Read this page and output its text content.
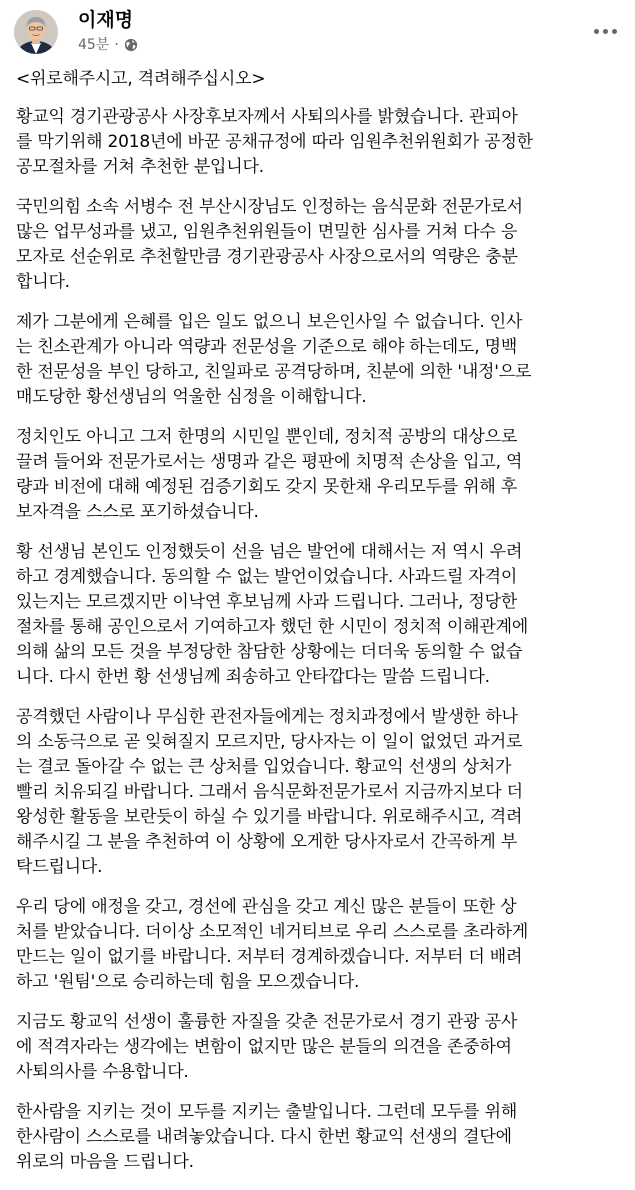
이재명
45분 ·

<위로해주시고, 격려해주십시오>

황교익 경기관광공사 사장후보자께서 사퇴의사를 밝혔습니다. 관피아
를 막기위해 2018년에 바꾼 공채규정에 따라 임원추천위원회가 공정한
공모절차를 거쳐 추천한 분입니다.

국민의힘 소속 서병수 전 부산시장님도 인정하는 음식문화 전문가로서
많은 업무성과를 냈고, 임원추천위원들이 면밀한 심사를 거쳐 다수 응
모자로 선순위로 추천할만큼 경기관광공사 사장으로서의 역량은 충분
합니다.

제가 그분에게 은혜를 입은 일도 없으니 보은인사일 수 없습니다. 인사
는 친소관계가 아니라 역량과 전문성을 기준으로 해야 하는데도, 명백
한 전문성을 부인 당하고, 친일파로 공격당하며, 친분에 의한 '내정'으로
매도당한 황선생님의 억울한 심정을 이해합니다.

정치인도 아니고 그저 한명의 시민일 뿐인데, 정치적 공방의 대상으로
끌려 들어와 전문가로서는 생명과 같은 평판에 치명적 손상을 입고, 역
량과 비전에 대해 예정된 검증기회도 갖지 못한채 우리모두를 위해 후
보자격을 스스로 포기하셨습니다.

황 선생님 본인도 인정했듯이 선을 넘은 발언에 대해서는 저 역시 우려
하고 경계했습니다. 동의할 수 없는 발언이었습니다. 사과드릴 자격이
있는지는 모르겠지만 이낙연 후보님께 사과 드립니다. 그러나, 정당한
절차를 통해 공인으로서 기여하고자 했던 한 시민이 정치적 이해관계에
의해 삶의 모든 것을 부정당한 참담한 상황에는 더더욱 동의할 수 없습
니다. 다시 한번 황 선생님께 죄송하고 안타깝다는 말씀 드립니다.

공격했던 사람이나 무심한 관전자들에게는 정치과정에서 발생한 하나
의 소동극으로 곧 잊혀질지 모르지만, 당사자는 이 일이 없었던 과거로
는 결코 돌아갈 수 없는 큰 상처를 입었습니다. 황교익 선생의 상처가
빨리 치유되길 바랍니다. 그래서 음식문화전문가로서 지금까지보다 더
왕성한 활동을 보란듯이 하실 수 있기를 바랍니다. 위로해주시고, 격려
해주시길 그 분을 추천하여 이 상황에 오게한 당사자로서 간곡하게 부
탁드립니다.

우리 당에 애정을 갖고, 경선에 관심을 갖고 계신 많은 분들이 또한 상
처를 받았습니다. 더이상 소모적인 네거티브로 우리 스스로를 초라하게
만드는 일이 없기를 바랍니다. 저부터 경계하겠습니다. 저부터 더 배려
하고 '원팀'으로 승리하는데 힘을 모으겠습니다.

지금도 황교익 선생이 훌륭한 자질을 갖춘 전문가로서 경기 관광 공사
에 적격자라는 생각에는 변함이 없지만 많은 분들의 의견을 존중하여
사퇴의사를 수용합니다.

한사람을 지키는 것이 모두를 지키는 출발입니다. 그런데 모두를 위해
한사람이 스스로를 내려놓았습니다. 다시 한번 황교익 선생의 결단에
위로의 마음을 드립니다.
